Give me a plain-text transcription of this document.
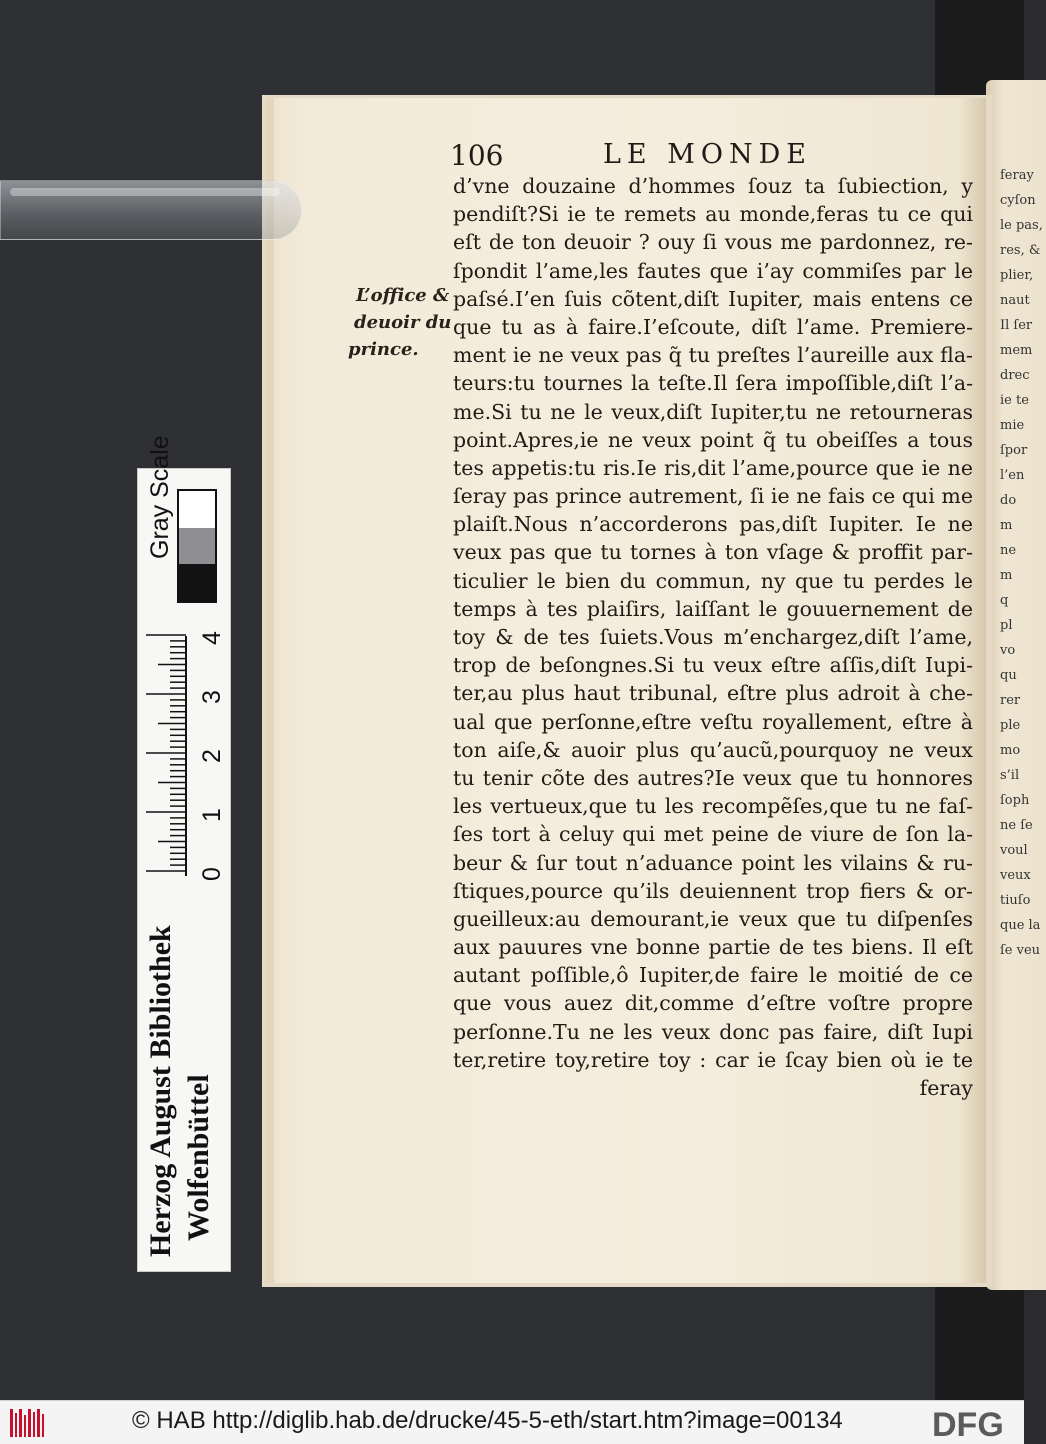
feray
cyſon
le pas,
res, &
plier,
naut
Il ſer
mem
drec
ie te
mie
ſpor
l’en
do
m
ne
m
q
pl
vo
qu
rer
ple
mo
s’il
ſoph
ne ſe
voul
veux
tiuſo
que la
ſe veu
106	LE MONDE
L’office &
deuoir du
prince.
d’vne douzaine d’hommes ſouz ta ſubiection, y
pendiſt?Si ie te remets au monde,feras tu ce qui
eſt de ton deuoir ? ouy ſi vous me pardonnez, re-
ſpondit l’ame,les fautes que i’ay commiſes par le
paſsé.I’en ſuis cõtent,diſt Iupiter, mais entens ce
que tu as à faire.I’eſcoute, diſt l’ame. Premiere-
ment ie ne veux pas q̃ tu preſtes l’aureille aux fla-
teurs:tu tournes la teſte.Il ſera impoſſible,diſt l’a-
me.Si tu ne le veux,diſt Iupiter,tu ne retourneras
point.Apres,ie ne veux point q̃ tu obeiſſes a tous
tes appetis:tu ris.Ie ris,dit l’ame,pource que ie ne
ſeray pas prince autrement, ſi ie ne fais ce qui me
plaiſt.Nous n’accorderons pas,diſt Iupiter. Ie ne
veux pas que tu tornes à ton vſage & proffit par-
ticulier le bien du commun, ny que tu perdes le
temps à tes plaiſirs, laiſſant le gouuernement de
toy & de tes ſuiets.Vous m’enchargez,diſt l’ame,
trop de beſongnes.Si tu veux eſtre aſſis,diſt Iupi-
ter,au plus haut tribunal, eſtre plus adroit à che-
ual que perſonne,eſtre veſtu royallement, eſtre à
ton aiſe,& auoir plus qu’aucũ,pourquoy ne veux
tu tenir cõte des autres?Ie veux que tu honnores
les vertueux,que tu les recompẽſes,que tu ne faſ-
ſes tort à celuy qui met peine de viure de ſon la-
beur & ſur tout n’aduance point les vilains & ru-
ſtiques,pource qu’ils deuiennent trop fiers & or-
gueilleux:au demourant,ie veux que tu diſpenſes
aux pauures vne bonne partie de tes biens. Il eſt
autant poſſible,ô Iupiter,de faire le moitié de ce
que vous auez dit,comme d’eſtre voſtre propre
perſonne.Tu ne les veux donc pas faire, diſt Iupi
ter,retire toy,retire toy : car ie ſcay bien où ie te
feray
Herzog August Bibliothek Wolfenbüttel
0
1
2
3
4
Gray Scale
© HAB http://diglib.hab.de/drucke/45-5-eth/start.htm?image=00134	DFG
